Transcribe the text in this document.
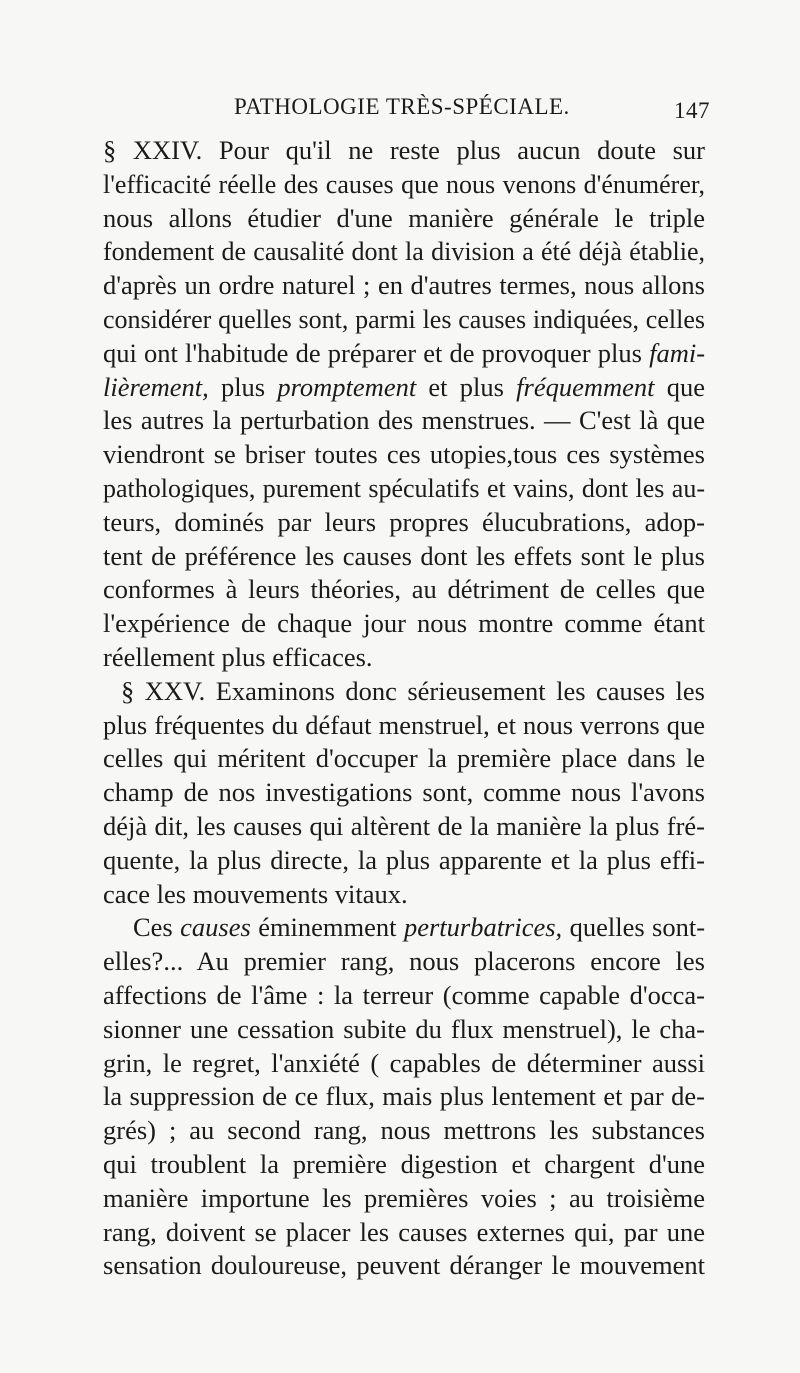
PATHOLOGIE TRÈS-SPÉCIALE.	147
§ XXIV. Pour qu'il ne reste plus aucun doute sur
l'efficacité réelle des causes que nous venons d'énumérer,
nous allons étudier d'une manière générale le triple
fondement de causalité dont la division a été déjà établie,
d'après un ordre naturel ; en d'autres termes, nous allons
considérer quelles sont, parmi les causes indiquées, celles
qui ont l'habitude de préparer et de provoquer plus fami-
lièrement, plus promptement et plus fréquemment que
les autres la perturbation des menstrues. — C'est là que
viendront se briser toutes ces utopies,tous ces systèmes
pathologiques, purement spéculatifs et vains, dont les au-
teurs, dominés par leurs propres élucubrations, adop-
tent de préférence les causes dont les effets sont le plus
conformes à leurs théories, au détriment de celles que
l'expérience de chaque jour nous montre comme étant
réellement plus efficaces.
§ XXV. Examinons donc sérieusement les causes les
plus fréquentes du défaut menstruel, et nous verrons que
celles qui méritent d'occuper la première place dans le
champ de nos investigations sont, comme nous l'avons
déjà dit, les causes qui altèrent de la manière la plus fré-
quente, la plus directe, la plus apparente et la plus effi-
cace les mouvements vitaux.
Ces causes éminemment perturbatrices, quelles sont-
elles?... Au premier rang, nous placerons encore les
affections de l'âme : la terreur (comme capable d'occa-
sionner une cessation subite du flux menstruel), le cha-
grin, le regret, l'anxiété ( capables de déterminer aussi
la suppression de ce flux, mais plus lentement et par de-
grés) ; au second rang, nous mettrons les substances
qui troublent la première digestion et chargent d'une
manière importune les premières voies ; au troisième
rang, doivent se placer les causes externes qui, par une
sensation douloureuse, peuvent déranger le mouvement
